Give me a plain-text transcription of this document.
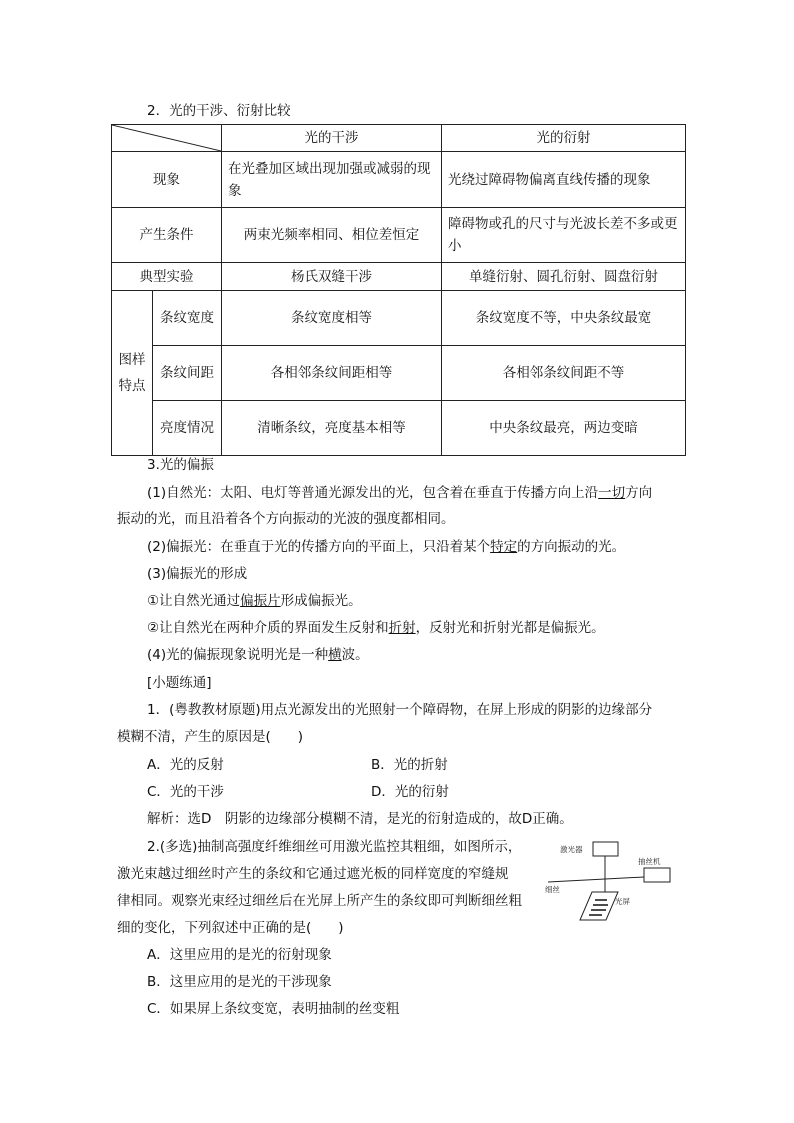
2．光的干涉、衍射比较
	光的干涉	光的衍射
现象		在光叠加区域出现加强或减弱的现象	光绕过障碍物偏离直线传播的现象
产生条件		两束光频率相同、相位差恒定	障碍物或孔的尺寸与光波长差不多或更小
典型实验		杨氏双缝干涉	单缝衍射、圆孔衍射、圆盘衍射
图样特点	条纹宽度	条纹宽度相等	条纹宽度不等，中央条纹最宽
	条纹间距	各相邻条纹间距相等	各相邻条纹间距不等
	亮度情况	清晰条纹，亮度基本相等	中央条纹最亮，两边变暗
3.光的偏振
(1)自然光：太阳、电灯等普通光源发出的光，包含着在垂直于传播方向上沿一切方向
振动的光，而且沿着各个方向振动的光波的强度都相同。
(2)偏振光：在垂直于光的传播方向的平面上，只沿着某个特定的方向振动的光。
(3)偏振光的形成
①让自然光通过偏振片形成偏振光。
②让自然光在两种介质的界面发生反射和折射，反射光和折射光都是偏振光。
(4)光的偏振现象说明光是一种横波。
[小题练通]
1．(粤教教材原题)用点光源发出的光照射一个障碍物，在屏上形成的阴影的边缘部分
模糊不清，产生的原因是(　　)
A．光的反射	B．光的折射
C．光的干涉	D．光的衍射
解析：选D　阴影的边缘部分模糊不清，是光的衍射造成的，故D正确。
2.(多选)抽制高强度纤维细丝可用激光监控其粗细，如图所示，
激光束越过细丝时产生的条纹和它通过遮光板的同样宽度的窄缝规
律相同。观察光束经过细丝后在光屏上所产生的条纹即可判断细丝粗
细的变化，下列叙述中正确的是(　　)
A．这里应用的是光的衍射现象
B．这里应用的是光的干涉现象
C．如果屏上条纹变宽，表明抽制的丝变粗
激光器
抽丝机
细丝
光屏
